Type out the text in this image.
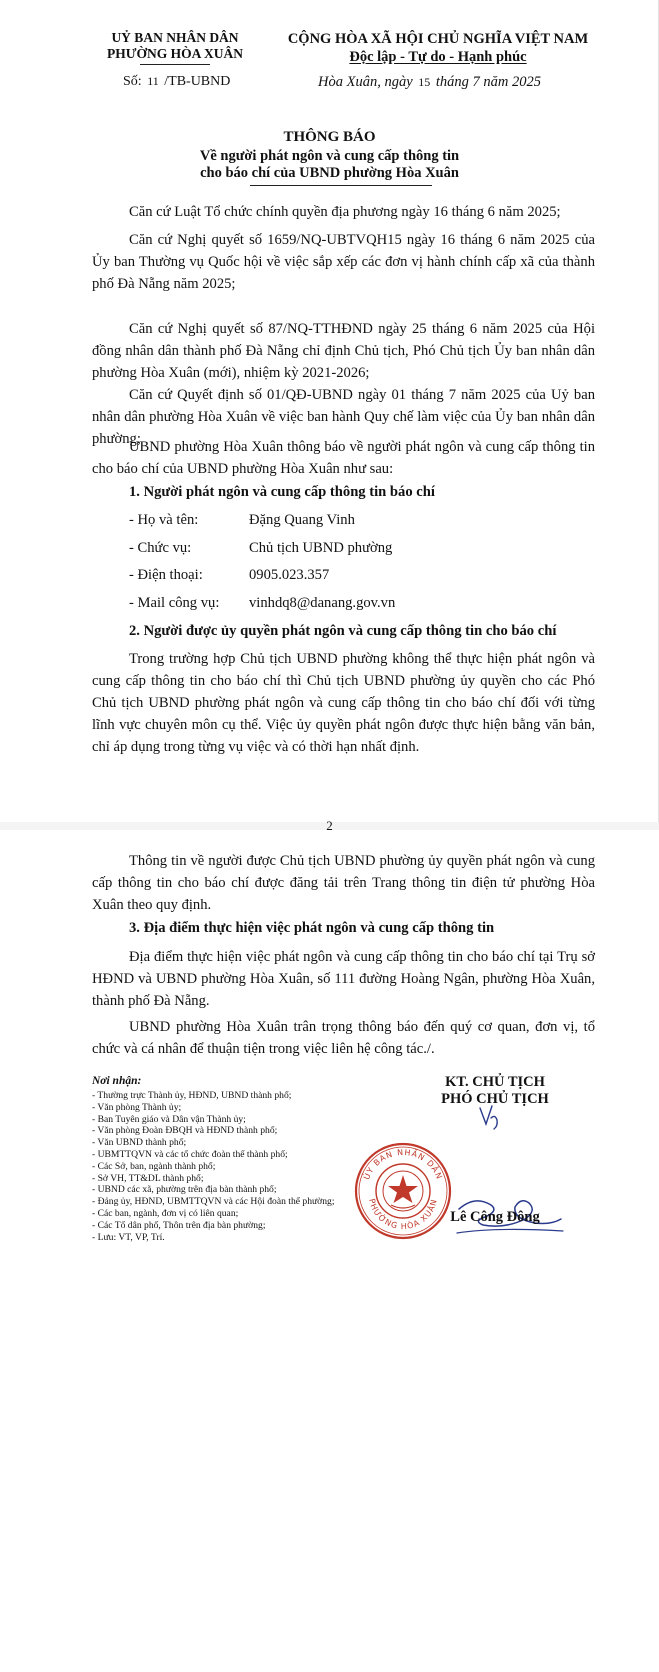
UỶ BAN NHÂN DÂN
PHƯỜNG HÒA XUÂN
CỘNG HÒA XÃ HỘI CHỦ NGHĨA VIỆT NAM
Độc lập - Tự do - Hạnh phúc
Số: 11 /TB-UBND	Hòa Xuân, ngày 15 tháng 7 năm 2025
THÔNG BÁO
Về người phát ngôn và cung cấp thông tin
cho báo chí của UBND phường Hòa Xuân
Căn cứ Luật Tổ chức chính quyền địa phương ngày 16 tháng 6 năm 2025;
Căn cứ Nghị quyết số 1659/NQ-UBTVQH15 ngày 16 tháng 6 năm 2025 của Ủy ban Thường vụ Quốc hội về việc sắp xếp các đơn vị hành chính cấp xã của thành phố Đà Nẵng năm 2025;
Căn cứ Nghị quyết số 87/NQ-TTHĐND ngày 25 tháng 6 năm 2025 của Hội đồng nhân dân thành phố Đà Nẵng chỉ định Chủ tịch, Phó Chủ tịch Ủy ban nhân dân phường Hòa Xuân (mới), nhiệm kỳ 2021-2026;
Căn cứ Quyết định số 01/QĐ-UBND ngày 01 tháng 7 năm 2025 của Uỷ ban nhân dân phường Hòa Xuân về việc ban hành Quy chế làm việc của Ủy ban nhân dân phường;
UBND phường Hòa Xuân thông báo về người phát ngôn và cung cấp thông tin cho báo chí của UBND phường Hòa Xuân như sau:
1. Người phát ngôn và cung cấp thông tin báo chí
- Họ và tên:	Đặng Quang Vinh
- Chức vụ:	Chủ tịch UBND phường
- Điện thoại:	0905.023.357
- Mail công vụ: vinhdq8@danang.gov.vn
2. Người được ủy quyền phát ngôn và cung cấp thông tin cho báo chí
Trong trường hợp Chủ tịch UBND phường không thể thực hiện phát ngôn và cung cấp thông tin cho báo chí thì Chủ tịch UBND phường ủy quyền cho các Phó Chủ tịch UBND phường phát ngôn và cung cấp thông tin cho báo chí đối với từng lĩnh vực chuyên môn cụ thể. Việc ủy quyền phát ngôn được thực hiện bằng văn bản, chỉ áp dụng trong từng vụ việc và có thời hạn nhất định.
2
Thông tin về người được Chủ tịch UBND phường ủy quyền phát ngôn và cung cấp thông tin cho báo chí được đăng tải trên Trang thông tin điện tử phường Hòa Xuân theo quy định.
3. Địa điểm thực hiện việc phát ngôn và cung cấp thông tin
Địa điểm thực hiện việc phát ngôn và cung cấp thông tin cho báo chí tại Trụ sở HĐND và UBND phường Hòa Xuân, số 111 đường Hoàng Ngân, phường Hòa Xuân, thành phố Đà Nẵng.
UBND phường Hòa Xuân trân trọng thông báo đến quý cơ quan, đơn vị, tổ chức và cá nhân để thuận tiện trong việc liên hệ công tác./.
KT. CHỦ TỊCH
PHÓ CHỦ TỊCH
ỦY BAN NHÂN DÂN
PHƯỜNG HÒA XUÂN
Lê Công Đông
Nơi nhận:
- Thường trực Thành ủy, HĐND, UBND thành phố;
- Văn phòng Thành ủy;
- Ban Tuyên giáo và Dân vận Thành ủy;
- Văn phòng Đoàn ĐBQH và HĐND thành phố;
- Văn UBND thành phố;
- UBMTTQVN và các tổ chức đoàn thể thành phố;
- Các Sở, ban, ngành thành phố;
- Sở VH, TT&DL thành phố;
- UBND các xã, phường trên địa bàn thành phố;
- Đảng ủy, HĐND, UBMTTQVN và các Hội đoàn thể phường;
- Các ban, ngành, đơn vị có liên quan;
- Các Tổ dân phố, Thôn trên địa bàn phường;
- Lưu: VT, VP, Trí.
